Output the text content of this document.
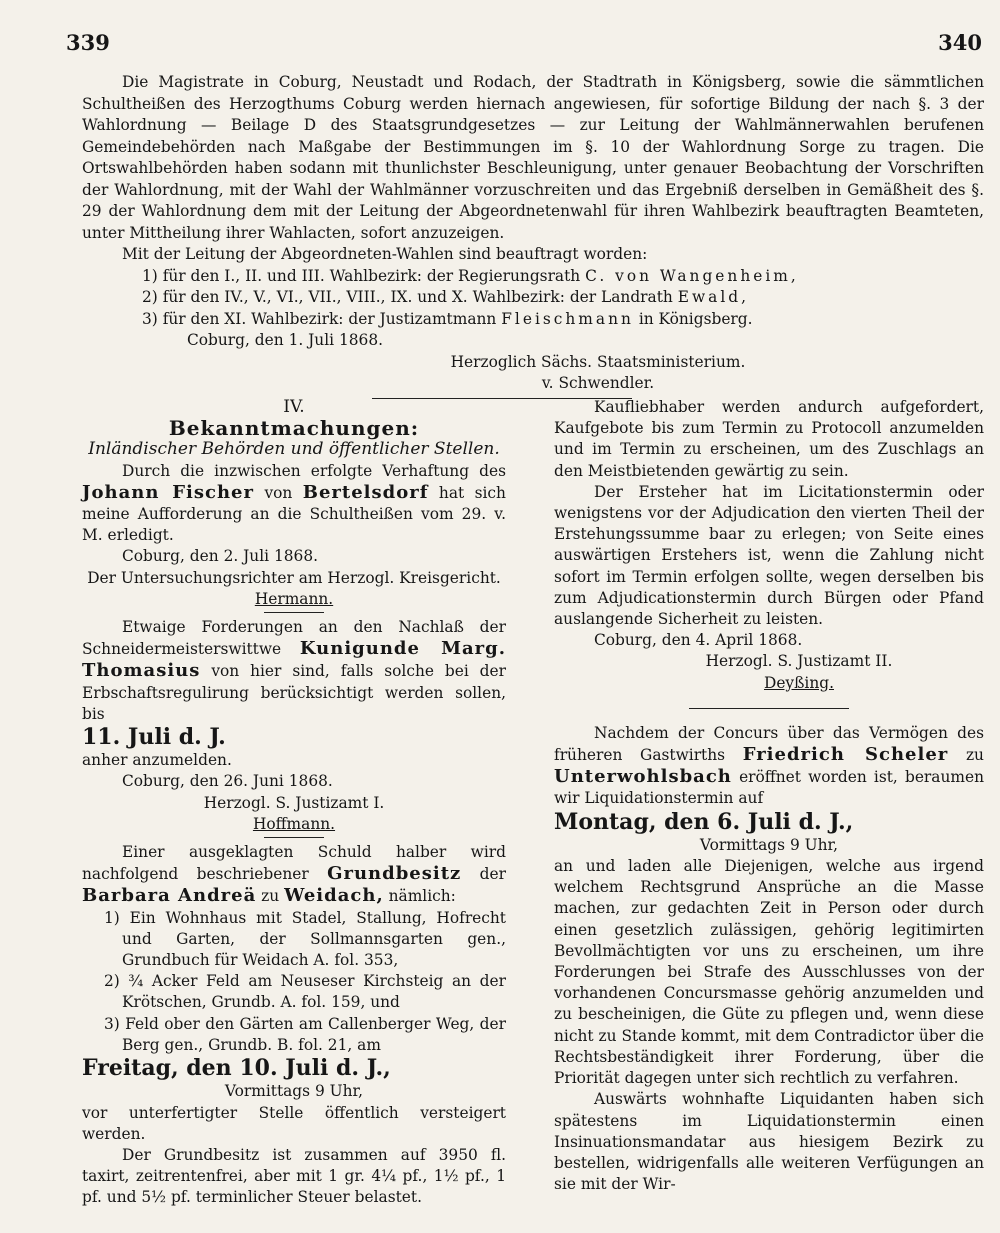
339	340

Die Magistrate in Coburg, Neustadt und Rodach, der Stadtrath in Königsberg, sowie die sämmtlichen Schultheißen des Herzogthums Coburg werden hiernach angewiesen, für sofortige Bildung der nach §. 3 der Wahlordnung — Beilage D des Staatsgrundgesetzes — zur Leitung der Wahlmännerwahlen berufenen Gemeindebehörden nach Maßgabe der Bestimmungen im §. 10 der Wahlordnung Sorge zu tragen. Die Ortswahlbehörden haben sodann mit thunlichster Beschleunigung, unter genauer Beobachtung der Vorschriften der Wahlordnung, mit der Wahl der Wahlmänner vorzuschreiten und das Ergebniß derselben in Gemäßheit des §. 29 der Wahlordnung dem mit der Leitung der Abgeordnetenwahl für ihren Wahlbezirk beauftragten Beamteten, unter Mittheilung ihrer Wahlacten, sofort anzuzeigen.

Mit der Leitung der Abgeordneten-Wahlen sind beauftragt worden:

1) für den I., II. und III. Wahlbezirk: der Regierungsrath C. von Wangenheim,

2) für den IV., V., VI., VII., VIII., IX. und X. Wahlbezirk: der Landrath Ewald,

3) für den XI. Wahlbezirk: der Justizamtmann Fleischmann in Königsberg.

Coburg, den 1. Juli 1868.

Herzoglich Sächs. Staatsministerium.

v. Schwendler.

IV.

Bekanntmachungen:

Inländischer Behörden und öffentlicher Stellen.

Durch die inzwischen erfolgte Verhaftung des Johann Fischer von Bertelsdorf hat sich meine Aufforderung an die Schultheißen vom 29. v. M. erledigt.

Coburg, den 2. Juli 1868.

Der Untersuchungsrichter am Herzogl. Kreisgericht.

Hermann.

Etwaige Forderungen an den Nachlaß der Schneidermeisterswittwe Kunigunde Marg. Thomasius von hier sind, falls solche bei der Erbschaftsregulirung berücksichtigt werden sollen, bis

11. Juli d. J.

anher anzumelden.

Coburg, den 26. Juni 1868.

Herzogl. S. Justizamt I.

Hoffmann.

Einer ausgeklagten Schuld halber wird nachfolgend beschriebener Grundbesitz der Barbara Andreä zu Weidach, nämlich:

1) Ein Wohnhaus mit Stadel, Stallung, Hofrecht und Garten, der Sollmannsgarten gen., Grundbuch für Weidach A. fol. 353,

2) ¾ Acker Feld am Neuseser Kirchsteig an der Krötschen, Grundb. A. fol. 159, und

3) Feld ober den Gärten am Callenberger Weg, der Berg gen., Grundb. B. fol. 21, am

Freitag, den 10. Juli d. J.,

Vormittags 9 Uhr,

vor unterfertigter Stelle öffentlich versteigert werden.

Der Grundbesitz ist zusammen auf 3950 fl. taxirt, zeitrentenfrei, aber mit 1 gr. 4¼ pf., 1½ pf., 1 pf. und 5½ pf. terminlicher Steuer belastet.

Kaufliebhaber werden andurch aufgefordert, Kaufgebote bis zum Termin zu Protocoll anzumelden und im Termin zu erscheinen, um des Zuschlags an den Meistbietenden gewärtig zu sein.

Der Ersteher hat im Licitationstermin oder wenigstens vor der Adjudication den vierten Theil der Erstehungssumme baar zu erlegen; von Seite eines auswärtigen Erstehers ist, wenn die Zahlung nicht sofort im Termin erfolgen sollte, wegen derselben bis zum Adjudicationstermin durch Bürgen oder Pfand auslangende Sicherheit zu leisten.

Coburg, den 4. April 1868.

Herzogl. S. Justizamt II.

Deyßing.

Nachdem der Concurs über das Vermögen des früheren Gastwirths Friedrich Scheler zu Unterwohlsbach eröffnet worden ist, beraumen wir Liquidationstermin auf

Montag, den 6. Juli d. J.,

Vormittags 9 Uhr,

an und laden alle Diejenigen, welche aus irgend welchem Rechtsgrund Ansprüche an die Masse machen, zur gedachten Zeit in Person oder durch einen gesetzlich zulässigen, gehörig legitimirten Bevollmächtigten vor uns zu erscheinen, um ihre Forderungen bei Strafe des Ausschlusses von der vorhandenen Concursmasse gehörig anzumelden und zu bescheinigen, die Güte zu pflegen und, wenn diese nicht zu Stande kommt, mit dem Contradictor über die Rechtsbeständigkeit ihrer Forderung, über die Priorität dagegen unter sich rechtlich zu verfahren.

Auswärts wohnhafte Liquidanten haben sich spätestens im Liquidationstermin einen Insinuationsmandatar aus hiesigem Bezirk zu bestellen, widrigenfalls alle weiteren Verfügungen an sie mit der Wir-
